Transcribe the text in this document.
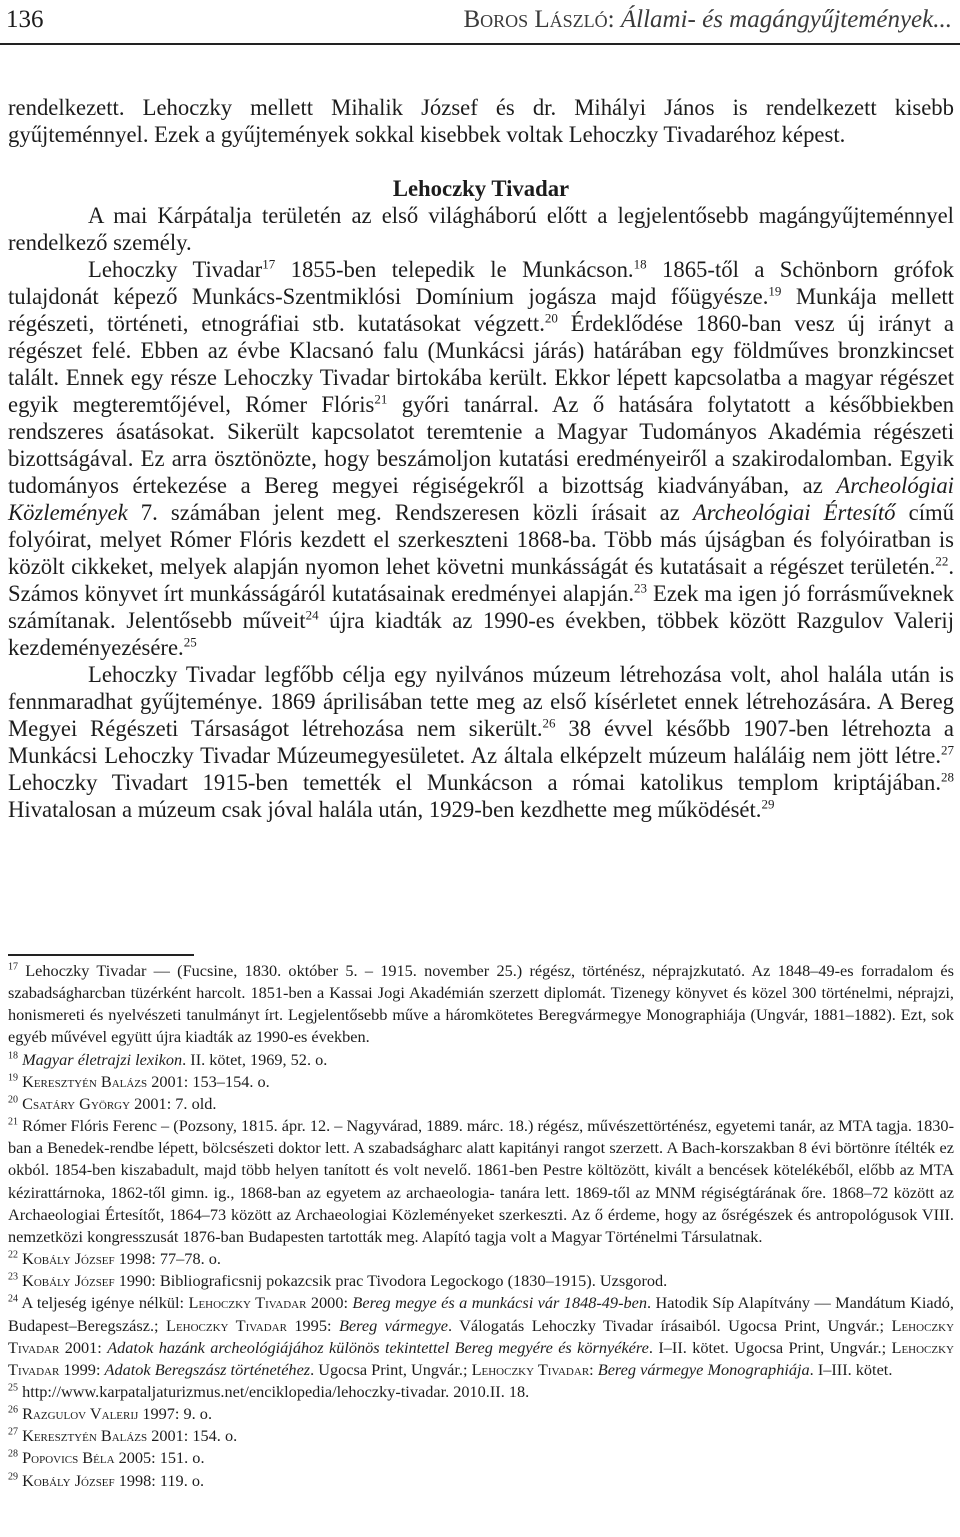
136	Boros László: Állami- és magángyűjtemények...

rendelkezett. Lehoczky mellett Mihalik József és dr. Mihályi János is rendelkezett kisebb gyűjteménnyel. Ezek a gyűjtemények sokkal kisebbek voltak Lehoczky Tivadaréhoz képest.

Lehoczky Tivadar

A mai Kárpátalja területén az első világháború előtt a legjelentősebb magángyűjteménnyel rendelkező személy.

Lehoczky Tivadar$^{17}$ 1855-ben telepedik le Munkácson.$^{18}$ 1865-től a Schönborn grófok tulajdonát képező Munkács-Szentmiklósi Domínium jogásza majd főügyésze.$^{19}$ Munkája mellett régészeti, történeti, etnográfiai stb. kutatásokat végzett.$^{20}$ Érdeklődése 1860-ban vesz új irányt a régészet felé. Ebben az évbe Klacsanó falu (Munkácsi járás) határában egy földműves bronzkincset talált. Ennek egy része Lehoczky Tivadar birtokába került. Ekkor lépett kapcsolatba a magyar régészet egyik megteremtőjével, Rómer Flóris$^{21}$ győri tanárral. Az ő hatására folytatott a későbbiekben rendszeres ásatásokat. Sikerült kapcsolatot teremtenie a Magyar Tudományos Akadémia régészeti bizottságával. Ez arra ösztönözte, hogy beszámoljon kutatási eredményeiről a szakirodalomban. Egyik tudományos értekezése a Bereg megyei régiségekről a bizottság kiadványában, az Archeológiai Közlemények 7. számában jelent meg. Rendszeresen közli írásait az Archeológiai Értesítő című folyóirat, melyet Rómer Flóris kezdett el szerkeszteni 1868-ba. Több más újságban és folyóiratban is közölt cikkeket, melyek alapján nyomon lehet követni munkásságát és kutatásait a régészet területén.$^{22}$. Számos könyvet írt munkásságáról kutatásainak eredményei alapján.$^{23}$ Ezek ma igen jó forrásműveknek számítanak. Jelentősebb műveit$^{24}$ újra kiadták az 1990-es években, többek között Razgulov Valerij kezdeményezésére.$^{25}$

Lehoczky Tivadar legfőbb célja egy nyilvános múzeum létrehozása volt, ahol halála után is fennmaradhat gyűjteménye. 1869 áprilisában tette meg az első kísérletet ennek létrehozására. A Bereg Megyei Régészeti Társaságot létrehozása nem sikerült.$^{26}$ 38 évvel később 1907-ben létrehozta a Munkácsi Lehoczky Tivadar Múzeumegyesületet. Az általa elképzelt múzeum haláláig nem jött létre.$^{27}$ Lehoczky Tivadart 1915-ben temették el Munkácson a római katolikus templom kriptájában.$^{28}$ Hivatalosan a múzeum csak jóval halála után, 1929-ben kezdhette meg működését.$^{29}$

$^{17}$ Lehoczky Tivadar — (Fucsine, 1830. október 5. – 1915. november 25.) régész, történész, néprajzkutató. Az 1848–49-es forradalom és szabadságharcban tüzérként harcolt. 1851-ben a Kassai Jogi Akadémián szerzett diplomát. Tizenegy könyvet és közel 300 történelmi, néprajzi, honismereti és nyelvészeti tanulmányt írt. Legjelentősebb műve a háromkötetes Beregvármegye Monographiája (Ungvár, 1881–1882). Ezt, sok egyéb művével együtt újra kiadták az 1990-es években.

$^{18}$ Magyar életrajzi lexikon. II. kötet, 1969, 52. o.

$^{19}$ Keresztyén Balázs 2001: 153–154. o.

$^{20}$ Csatáry György 2001: 7. old.

$^{21}$ Rómer Flóris Ferenc – (Pozsony, 1815. ápr. 12. – Nagyvárad, 1889. márc. 18.) régész, művészettörténész, egyetemi tanár, az MTA tagja. 1830-ban a Benedek-rendbe lépett, bölcsészeti doktor lett. A szabadságharc alatt kapitányi rangot szerzett. A Bach-korszakban 8 évi börtönre ítélték ez okból. 1854-ben kiszabadult, majd több helyen tanított és volt nevelő. 1861-ben Pestre költözött, kivált a bencések kötelékéből, előbb az MTA kézirattárnoka, 1862-től gimn. ig., 1868-ban az egyetem az archaeologia- tanára lett. 1869-től az MNM régiségtárának őre. 1868–72 között az Archaeologiai Értesítőt, 1864–73 között az Archaeologiai Közleményeket szerkeszti. Az ő érdeme, hogy az ősrégészek és antropológusok VIII. nemzetközi kongresszusát 1876-ban Budapesten tartották meg. Alapító tagja volt a Magyar Történelmi Társulatnak.

$^{22}$ Kobály József 1998: 77–78. o.

$^{23}$ Kobály József 1990: Bibliograficsnij pokazcsik prac Tivodora Legockogo (1830–1915). Uzsgorod.

$^{24}$ A teljeség igénye nélkül: Lehoczky Tivadar 2000: Bereg megye és a munkácsi vár 1848-49-ben. Hatodik Síp Alapítvány — Mandátum Kiadó, Budapest–Beregszász.; Lehoczky Tivadar 1995: Bereg vármegye. Válogatás Lehoczky Tivadar írásaiból. Ugocsa Print, Ungvár.; Lehoczky Tivadar 2001: Adatok hazánk archeológiájához különös tekintettel Bereg megyére és környékére. I–II. kötet. Ugocsa Print, Ungvár.; Lehoczky Tivadar 1999: Adatok Beregszász történetéhez. Ugocsa Print, Ungvár.; Lehoczky Tivadar: Bereg vármegye Monographiája. I–III. kötet.

$^{25}$ http://www.karpataljaturizmus.net/enciklopedia/lehoczky-tivadar. 2010.II. 18.

$^{26}$ Razgulov Valerij 1997: 9. o.

$^{27}$ Keresztyén Balázs 2001: 154. o.

$^{28}$ Popovics Béla 2005: 151. o.

$^{29}$ Kobály József 1998: 119. o.
